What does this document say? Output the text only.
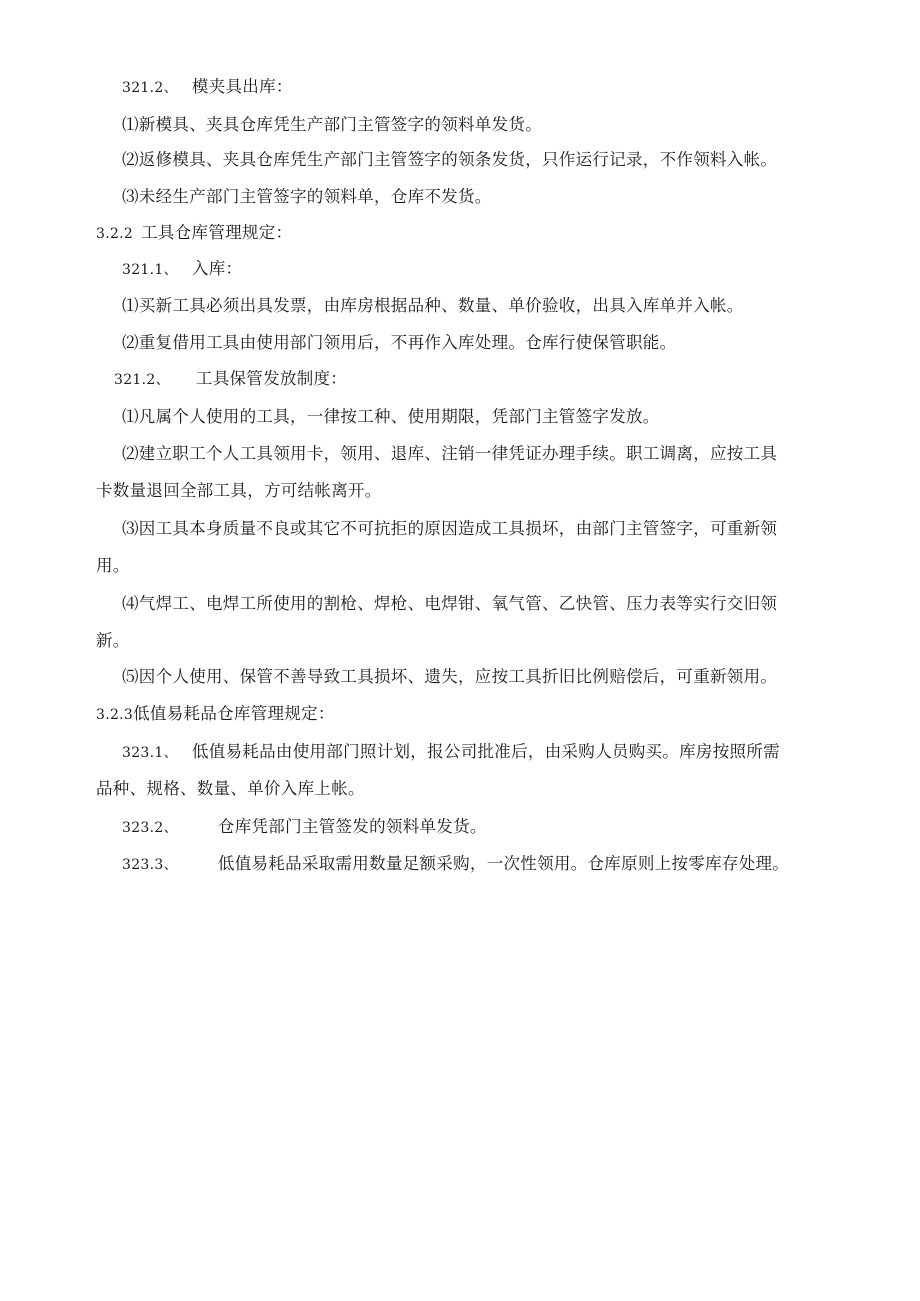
321.2、 模夹具出库：
⑴新模具、夹具仓库凭生产部门主管签字的领料单发货。
⑵返修模具、夹具仓库凭生产部门主管签字的领条发货，只作运行记录，不作领料入帐。
⑶未经生产部门主管签字的领料单，仓库不发货。
3.2.2 工具仓库管理规定：
321.1、 入库：
⑴买新工具必须出具发票，由库房根据品种、数量、单价验收，出具入库单并入帐。
⑵重复借用工具由使用部门领用后，不再作入库处理。仓库行使保管职能。
321.2、 工具保管发放制度：
⑴凡属个人使用的工具，一律按工种、使用期限，凭部门主管签字发放。
⑵建立职工个人工具领用卡，领用、退库、注销一律凭证办理手续。职工调离，应按工具
卡数量退回全部工具，方可结帐离开。
⑶因工具本身质量不良或其它不可抗拒的原因造成工具损坏，由部门主管签字，可重新领
用。
⑷气焊工、电焊工所使用的割枪、焊枪、电焊钳、氧气管、乙快管、压力表等实行交旧领
新。
⑸因个人使用、保管不善导致工具损坏、遗失，应按工具折旧比例赔偿后，可重新领用。
3.2.3低值易耗品仓库管理规定：
323.1、 低值易耗品由使用部门照计划，报公司批准后，由采购人员购买。库房按照所需
品种、规格、数量、单价入库上帐。
323.2、 仓库凭部门主管签发的领料单发货。
323.3、 低值易耗品采取需用数量足额采购，一次性领用。仓库原则上按零库存处理。
